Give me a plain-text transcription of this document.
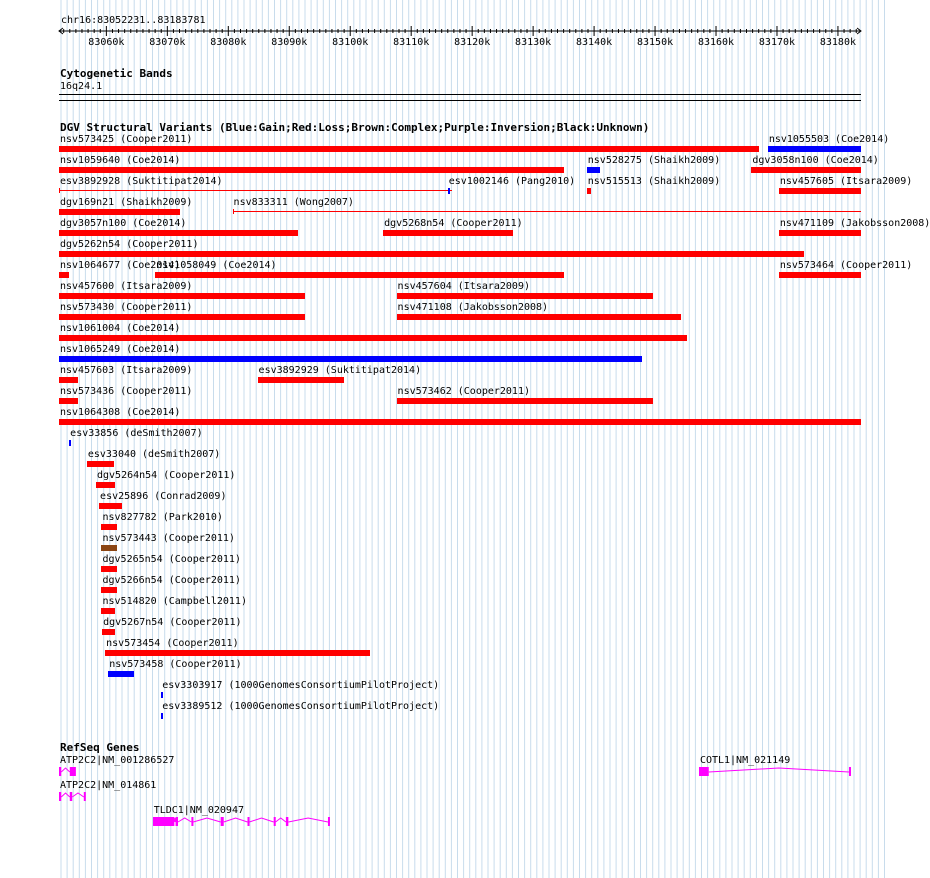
chr16:83052231..83183781
83060k 83070k 83080k 83090k 83100k 83110k 83120k 83130k 83140k 83150k 83160k 83170k 83180k
Cytogenetic Bands
16q24.1
DGV Structural Variants (Blue:Gain;Red:Loss;Brown:Complex;Purple:Inversion;Black:Unknown)
nsv573425 (Cooper2011)	nsv1055503 (Coe2014)
nsv1059640 (Coe2014)	nsv528275 (Shaikh2009)	dgv3058n100 (Coe2014)
esv3892928 (Suktitipat2014)	esv1002146 (Pang2010) nsv515513 (Shaikh2009)	nsv457605 (Itsara2009)
dgv169n21 (Shaikh2009)	nsv833311 (Wong2007)
dgv3057n100 (Coe2014)	dgv5268n54 (Cooper2011)	nsv471109 (Jakobsson2008)
dgv5262n54 (Cooper2011)
nsv1064677 (Coe2014)
nsv1058049 (Coe2014)	nsv573464 (Cooper2011)
nsv457600 (Itsara2009)	nsv457604 (Itsara2009)
nsv573430 (Cooper2011)	nsv471108 (Jakobsson2008)
nsv1061004 (Coe2014)
nsv1065249 (Coe2014)
nsv457603 (Itsara2009)	esv3892929 (Suktitipat2014)
nsv573436 (Cooper2011)	nsv573462 (Cooper2011)
nsv1064308 (Coe2014)
esv33856 (deSmith2007)
esv33040 (deSmith2007)
dgv5264n54 (Cooper2011)
esv25896 (Conrad2009)
nsv827782 (Park2010)
nsv573443 (Cooper2011)
dgv5265n54 (Cooper2011)
dgv5266n54 (Cooper2011)
nsv514820 (Campbell2011)
dgv5267n54 (Cooper2011)
nsv573454 (Cooper2011)
nsv573458 (Cooper2011)
esv3303917 (1000GenomesConsortiumPilotProject)
esv3389512 (1000GenomesConsortiumPilotProject)
RefSeq Genes
ATP2C2|NM_001286527	COTL1|NM_021149
ATP2C2|NM_014861
TLDC1|NM_020947
